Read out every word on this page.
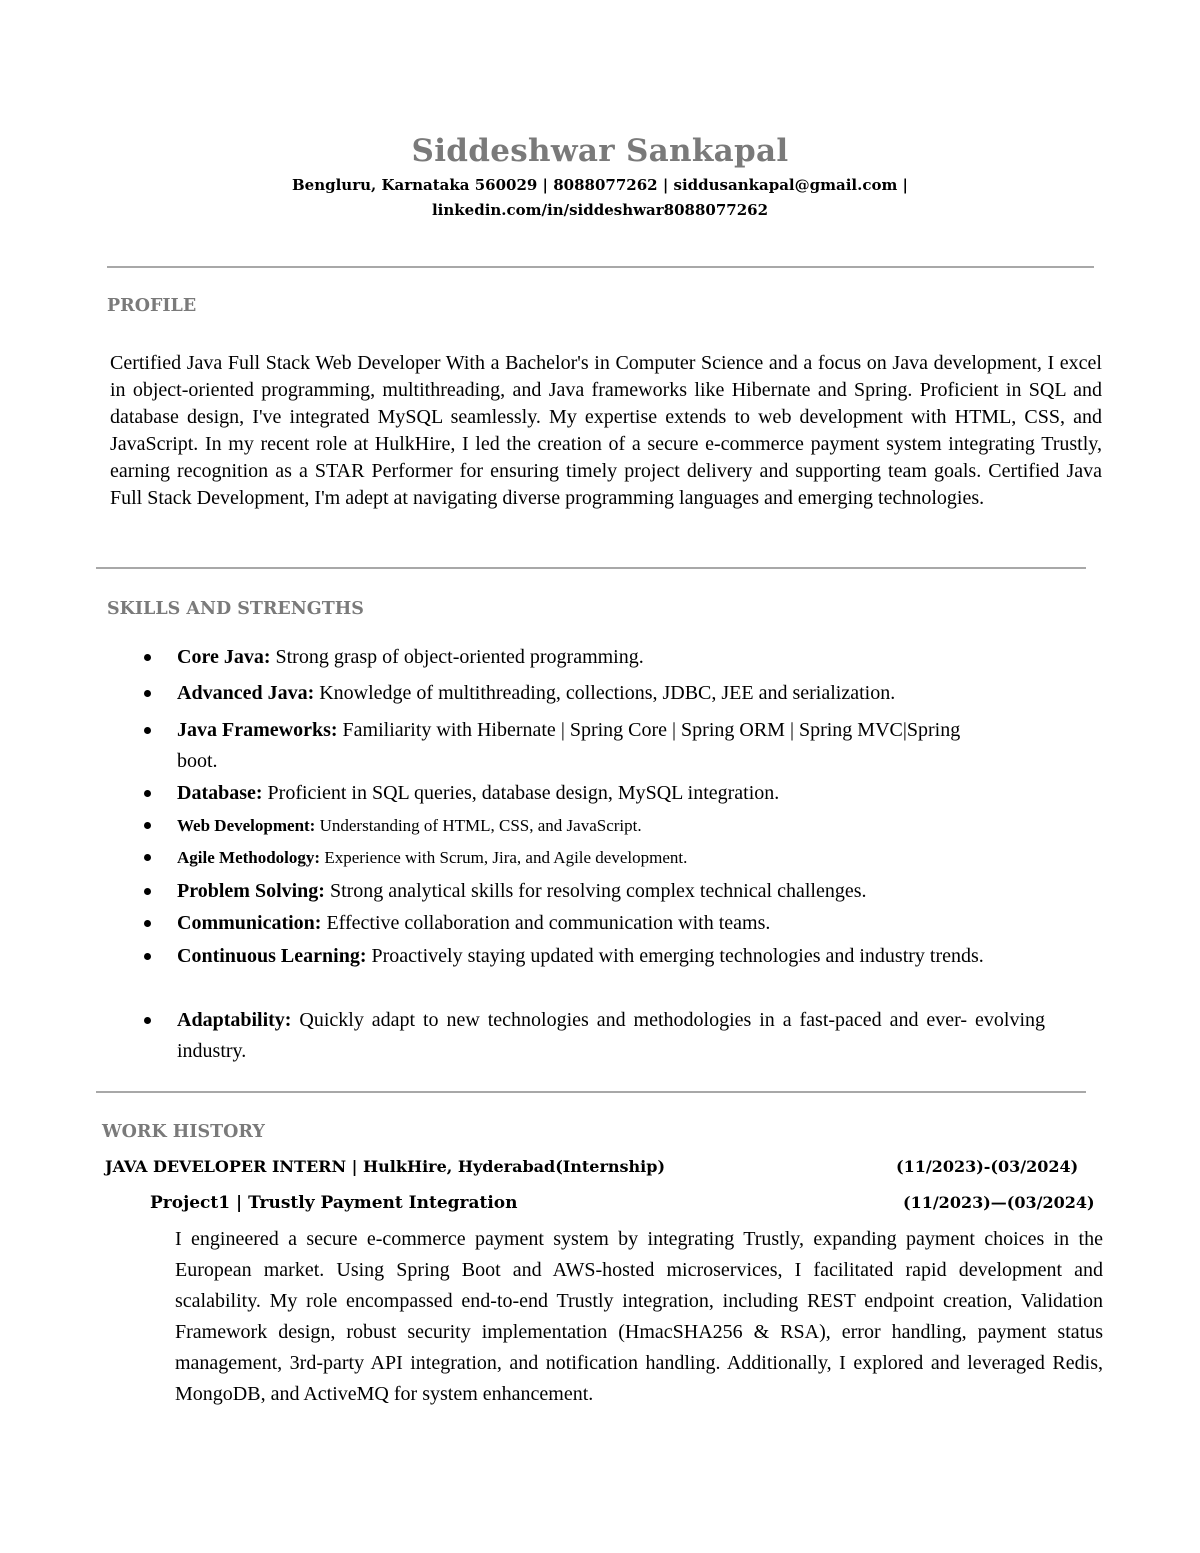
Siddeshwar Sankapal
Bengluru, Karnataka 560029 | 8088077262 | siddusankapal@gmail.com |
linkedin.com/in/siddeshwar8088077262
PROFILE
Certified Java Full Stack Web Developer With a Bachelor's in Computer Science and a focus on Java development, I excel in object-oriented programming, multithreading, and Java frameworks like Hibernate and Spring. Proficient in SQL and database design, I've integrated MySQL seamlessly. My expertise extends to web development with HTML, CSS, and JavaScript. In my recent role at HulkHire, I led the creation of a secure e-commerce payment system integrating Trustly, earning recognition as a STAR Performer for ensuring timely project delivery and supporting team goals. Certified Java Full Stack Development, I'm adept at navigating diverse programming languages and emerging technologies.
SKILLS AND STRENGTHS
Core Java: Strong grasp of object-oriented programming.
Advanced Java: Knowledge of multithreading, collections, JDBC, JEE and serialization.
Java Frameworks: Familiarity with Hibernate | Spring Core | Spring ORM | Spring MVC|Spring boot.
Database: Proficient in SQL queries, database design, MySQL integration.
Web Development: Understanding of HTML, CSS, and JavaScript.
Agile Methodology: Experience with Scrum, Jira, and Agile development.
Problem Solving: Strong analytical skills for resolving complex technical challenges.
Communication: Effective collaboration and communication with teams.
Continuous Learning: Proactively staying updated with emerging technologies and industry trends.
Adaptability: Quickly adapt to new technologies and methodologies in a fast-paced and ever- evolving industry.
WORK HISTORY
JAVA DEVELOPER INTERN | HulkHire, Hyderabad(Internship)	(11/2023)-(03/2024)
Project1 | Trustly Payment Integration	(11/2023)—(03/2024)
I engineered a secure e-commerce payment system by integrating Trustly, expanding payment choices in the European market. Using Spring Boot and AWS-hosted microservices, I facilitated rapid development and scalability. My role encompassed end-to-end Trustly integration, including REST endpoint creation, Validation Framework design, robust security implementation (HmacSHA256 & RSA), error handling, payment status management, 3rd-party API integration, and notification handling. Additionally, I explored and leveraged Redis, MongoDB, and ActiveMQ for system enhancement.
